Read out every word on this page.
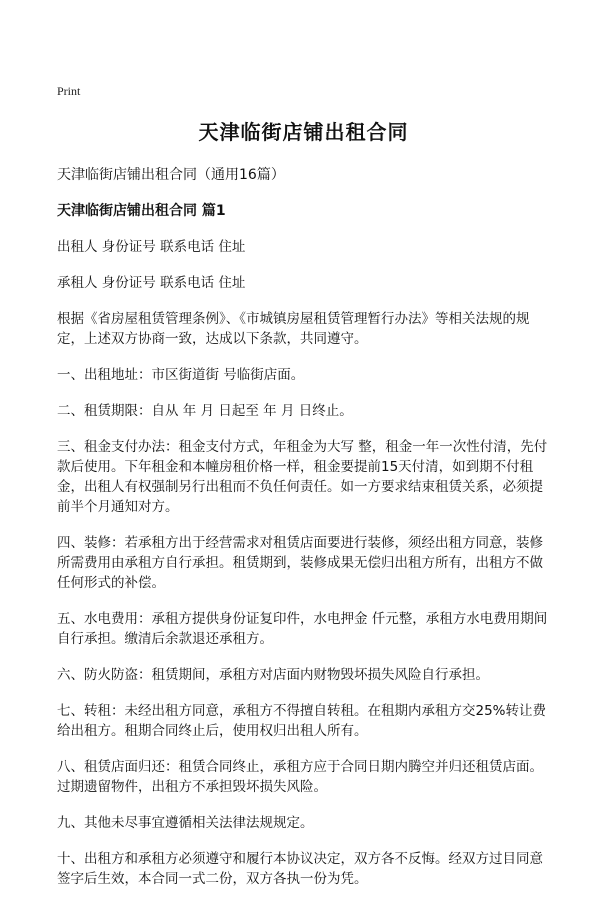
Print
天津临街店铺出租合同
天津临街店铺出租合同（通用16篇）
天津临街店铺出租合同 篇1
出租人 身份证号 联系电话 住址
承租人 身份证号 联系电话 住址
根据《省房屋租赁管理条例》、《市城镇房屋租赁管理暂行办法》等相关法规的规定，上述双方协商一致，达成以下条款，共同遵守。
一、出租地址：市区街道街 号临街店面。
二、租赁期限：自从 年 月 日起至 年 月 日终止。
三、租金支付办法：租金支付方式，年租金为大写 整，租金一年一次性付清，先付款后使用。下年租金和本幢房租价格一样，租金要提前15天付清，如到期不付租金，出租人有权强制另行出租而不负任何责任。如一方要求结束租赁关系，必须提前半个月通知对方。
四、装修：若承租方出于经营需求对租赁店面要进行装修，须经出租方同意，装修所需费用由承租方自行承担。租赁期到，装修成果无偿归出租方所有，出租方不做任何形式的补偿。
五、水电费用：承租方提供身份证复印件，水电押金 仟元整，承租方水电费用期间自行承担。缴清后余款退还承租方。
六、防火防盗：租赁期间，承租方对店面内财物毁坏损失风险自行承担。
七、转租：未经出租方同意，承租方不得擅自转租。在租期内承租方交25%转让费给出租方。租期合同终止后，使用权归出租人所有。
八、租赁店面归还：租赁合同终止，承租方应于合同日期内腾空并归还租赁店面。过期遗留物件，出租方不承担毁坏损失风险。
九、其他未尽事宜遵循相关法律法规规定。
十、出租方和承租方必须遵守和履行本协议决定，双方各不反悔。经双方过目同意签字后生效，本合同一式二份，双方各执一份为凭。
